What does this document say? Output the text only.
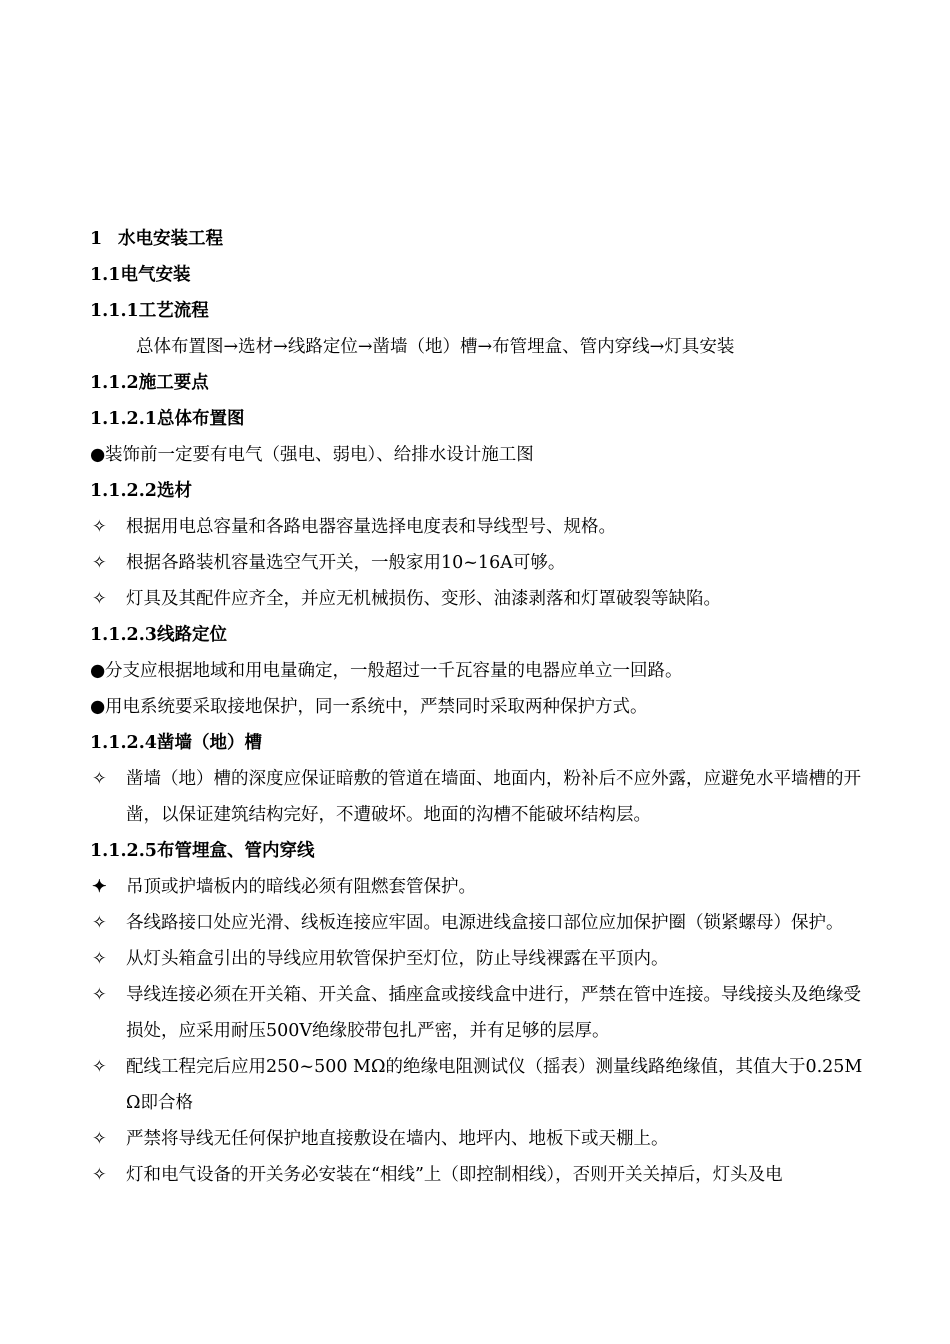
1 水电安装工程
1.1电气安装
1.1.1工艺流程
总体布置图→选材→线路定位→凿墙（地）槽→布管埋盒、管内穿线→灯具安装
1.1.2施工要点
1.1.2.1总体布置图
●装饰前一定要有电气（强电、弱电）、给排水设计施工图
1.1.2.2选材
✧	根据用电总容量和各路电器容量选择电度表和导线型号、规格。
✧	根据各路装机容量选空气开关，一般家用10~16A可够。
✧	灯具及其配件应齐全，并应无机械损伤、变形、油漆剥落和灯罩破裂等缺陷。
1.1.2.3线路定位
●分支应根据地域和用电量确定，一般超过一千瓦容量的电器应单立一回路。
●用电系统要采取接地保护，同一系统中，严禁同时采取两种保护方式。
1.1.2.4凿墙（地）槽
✧	凿墙（地）槽的深度应保证暗敷的管道在墙面、地面内，粉补后不应外露，应避免水平墙槽的开凿，以保证建筑结构完好，不遭破坏。地面的沟槽不能破坏结构层。
1.1.2.5布管埋盒、管内穿线
✦	吊顶或护墙板内的暗线必须有阻燃套管保护。
✧	各线路接口处应光滑、线板连接应牢固。电源进线盒接口部位应加保护圈（锁紧螺母）保护。
✧	从灯头箱盒引出的导线应用软管保护至灯位，防止导线裸露在平顶内。
✧	导线连接必须在开关箱、开关盒、插座盒或接线盒中进行，严禁在管中连接。导线接头及绝缘受损处，应采用耐压500V绝缘胶带包扎严密，并有足够的层厚。
✧	配线工程完后应用250~500 MΩ的绝缘电阻测试仪（摇表）测量线路绝缘值，其值大于0.25MΩ即合格
✧	严禁将导线无任何保护地直接敷设在墙内、地坪内、地板下或天棚上。
✧	灯和电气设备的开关务必安装在“相线”上（即控制相线），否则开关关掉后，灯头及电
